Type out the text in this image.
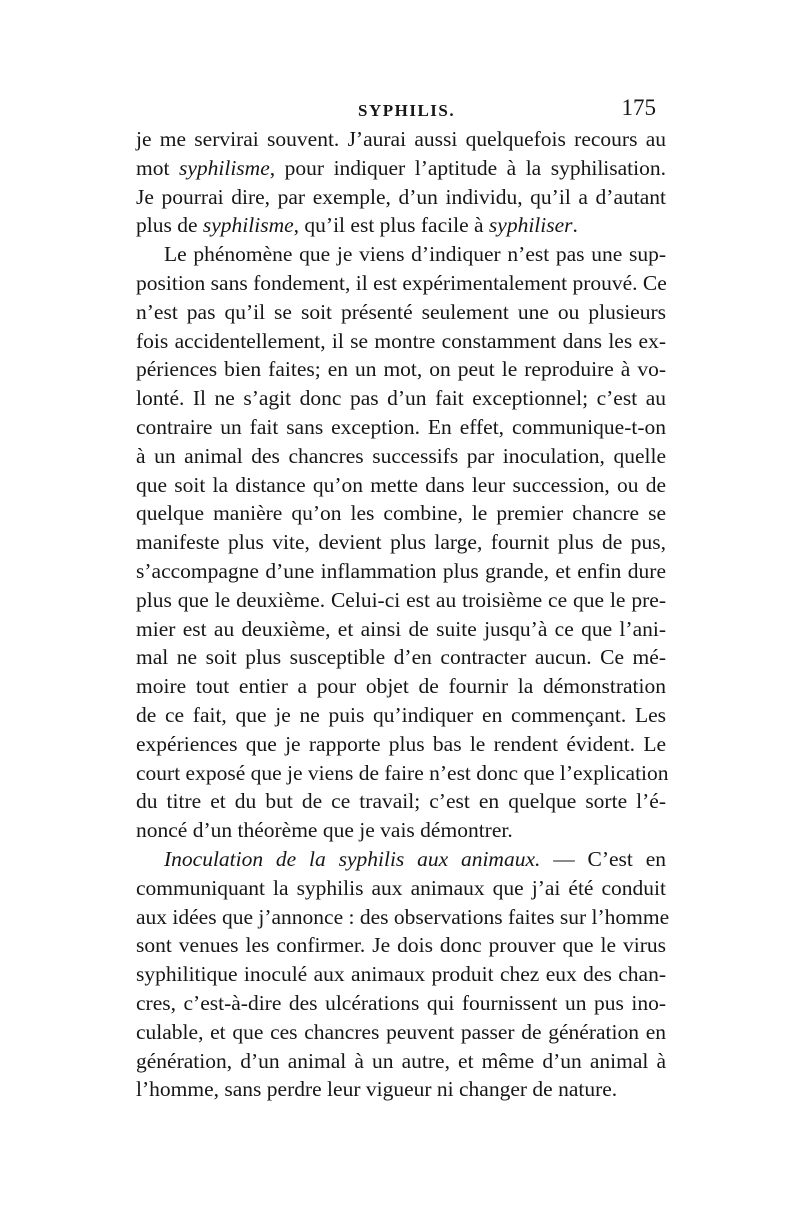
SYPHILIS.	175
je me servirai souvent. J’aurai aussi quelquefois recours au
mot syphilisme, pour indiquer l’aptitude à la syphilisation.
Je pourrai dire, par exemple, d’un individu, qu’il a d’autant
plus de syphilisme, qu’il est plus facile à syphiliser.
Le phénomène que je viens d’indiquer n’est pas une sup-
position sans fondement, il est expérimentalement prouvé. Ce
n’est pas qu’il se soit présenté seulement une ou plusieurs
fois accidentellement, il se montre constamment dans les ex-
périences bien faites; en un mot, on peut le reproduire à vo-
lonté. Il ne s’agit donc pas d’un fait exceptionnel; c’est au
contraire un fait sans exception. En effet, communique-t-on
à un animal des chancres successifs par inoculation, quelle
que soit la distance qu’on mette dans leur succession, ou de
quelque manière qu’on les combine, le premier chancre se
manifeste plus vite, devient plus large, fournit plus de pus,
s’accompagne d’une inflammation plus grande, et enfin dure
plus que le deuxième. Celui-ci est au troisième ce que le pre-
mier est au deuxième, et ainsi de suite jusqu’à ce que l’ani-
mal ne soit plus susceptible d’en contracter aucun. Ce mé-
moire tout entier a pour objet de fournir la démonstration
de ce fait, que je ne puis qu’indiquer en commençant. Les
expériences que je rapporte plus bas le rendent évident. Le
court exposé que je viens de faire n’est donc que l’explication
du titre et du but de ce travail; c’est en quelque sorte l’é-
noncé d’un théorème que je vais démontrer.
Inoculation de la syphilis aux animaux. — C’est en
communiquant la syphilis aux animaux que j’ai été conduit
aux idées que j’annonce : des observations faites sur l’homme
sont venues les confirmer. Je dois donc prouver que le virus
syphilitique inoculé aux animaux produit chez eux des chan-
cres, c’est-à-dire des ulcérations qui fournissent un pus ino-
culable, et que ces chancres peuvent passer de génération en
génération, d’un animal à un autre, et même d’un animal à
l’homme, sans perdre leur vigueur ni changer de nature.
